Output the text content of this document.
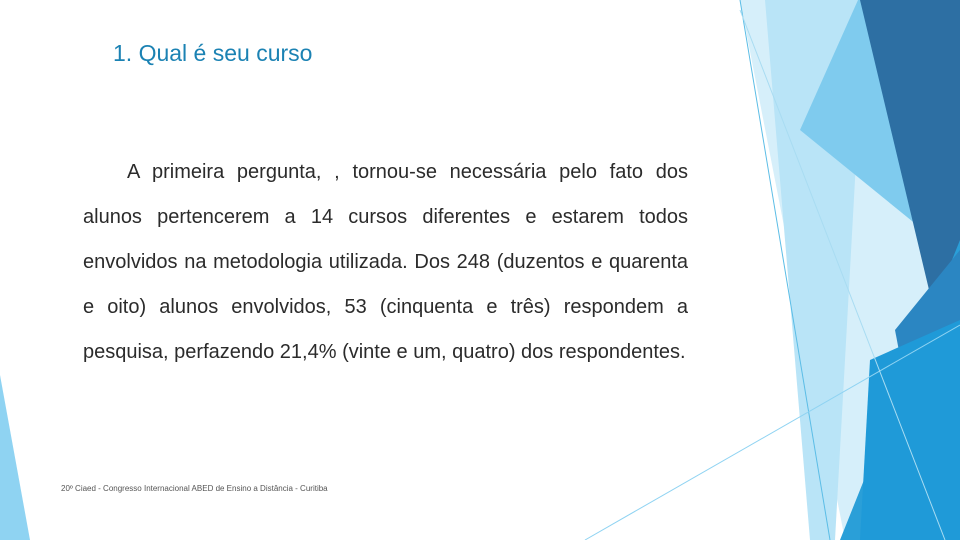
1. Qual é seu curso

A primeira pergunta, , tornou-se necessária pelo fato dos alunos pertencerem a 14 cursos diferentes e estarem todos envolvidos na metodologia utilizada. Dos 248 (duzentos e quarenta e oito) alunos envolvidos, 53 (cinquenta e três) respondem a pesquisa, perfazendo 21,4% (vinte e um, quatro) dos respondentes.

20º Ciaed - Congresso Internacional ABED de Ensino a Distância - Curitiba
